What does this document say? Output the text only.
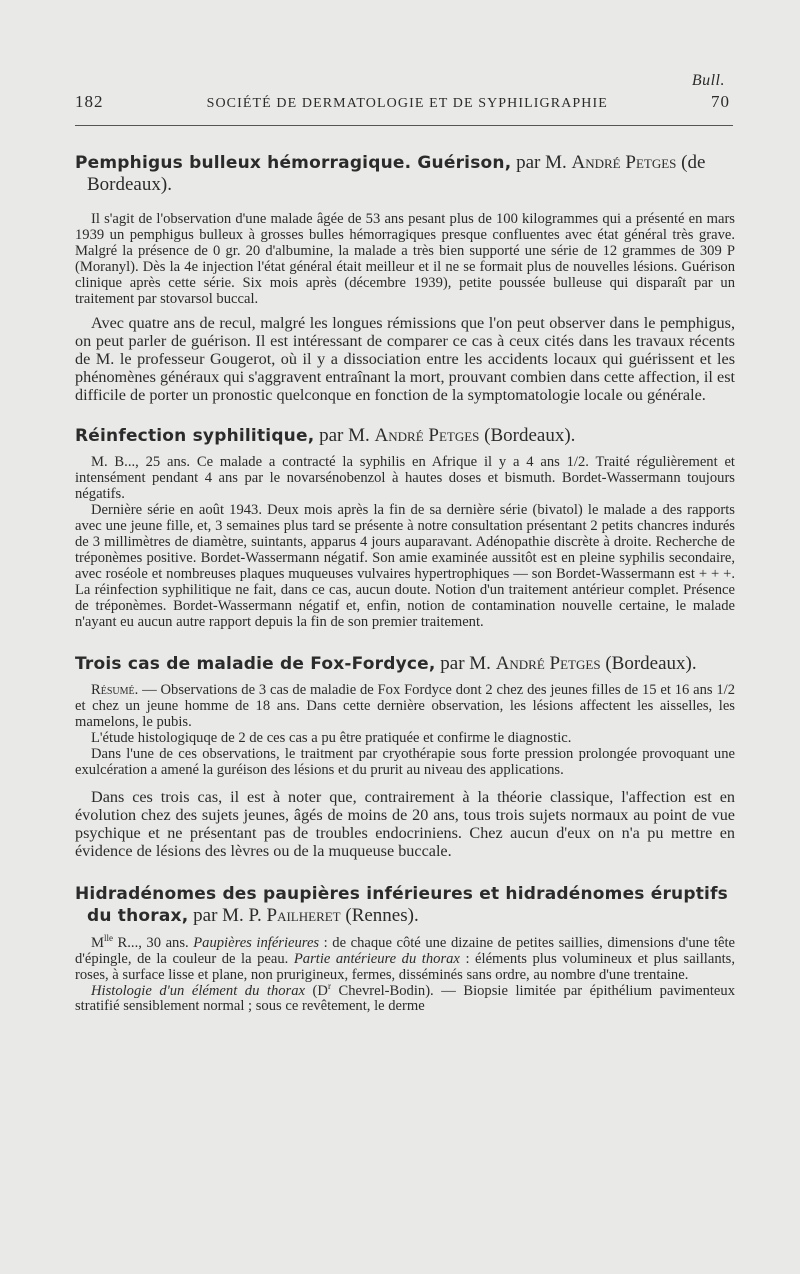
Bull.
182	SOCIÉTÉ DE DERMATOLOGIE ET DE SYPHILIGRAPHIE	70

Pemphigus bulleux hémorragique. Guérison, par M. André Petges (de Bordeaux).

Il s'agit de l'observation d'une malade âgée de 53 ans pesant plus de 100 kilogrammes qui a présenté en mars 1939 un pemphigus bulleux à grosses bulles hémorragiques presque confluentes avec état général très grave. Malgré la présence de 0 gr. 20 d'albumine, la malade a très bien supporté une série de 12 grammes de 309 P (Moranyl). Dès la 4e injection l'état général était meilleur et il ne se formait plus de nouvelles lésions. Guérison clinique après cette série. Six mois après (décembre 1939), petite poussée bulleuse qui disparaît par un traitement par stovarsol buccal.

Avec quatre ans de recul, malgré les longues rémissions que l'on peut observer dans le pemphigus, on peut parler de guérison. Il est intéressant de comparer ce cas à ceux cités dans les travaux récents de M. le professeur Gougerot, où il y a dissociation entre les accidents locaux qui guérissent et les phénomènes généraux qui s'aggravent entraînant la mort, prouvant combien dans cette affection, il est difficile de porter un pronostic quelconque en fonction de la symptomatologie locale ou générale.

Réinfection syphilitique, par M. André Petges (Bordeaux).

M. B..., 25 ans. Ce malade a contracté la syphilis en Afrique il y a 4 ans 1/2. Traité régulièrement et intensément pendant 4 ans par le novarsénobenzol à hautes doses et bismuth. Bordet-Wassermann toujours négatifs.

Dernière série en août 1943. Deux mois après la fin de sa dernière série (bivatol) le malade a des rapports avec une jeune fille, et, 3 semaines plus tard se présente à notre consultation présentant 2 petits chancres indurés de 3 millimètres de diamètre, suintants, apparus 4 jours auparavant. Adénopathie discrète à droite. Recherche de tréponèmes positive. Bordet-Wassermann négatif. Son amie examinée aussitôt est en pleine syphilis secondaire, avec roséole et nombreuses plaques muqueuses vulvaires hypertrophiques — son Bordet-Wassermann est + + +. La réinfection syphilitique ne fait, dans ce cas, aucun doute. Notion d'un traitement antérieur complet. Présence de tréponèmes. Bordet-Wassermann négatif et, enfin, notion de contamination nouvelle certaine, le malade n'ayant eu aucun autre rapport depuis la fin de son premier traitement.

Trois cas de maladie de Fox-Fordyce, par M. André Petges (Bordeaux).

Résumé. — Observations de 3 cas de maladie de Fox Fordyce dont 2 chez des jeunes filles de 15 et 16 ans 1/2 et chez un jeune homme de 18 ans. Dans cette dernière observation, les lésions affectent les aisselles, les mamelons, le pubis.

L'étude histologiquqe de 2 de ces cas a pu être pratiquée et confirme le diagnostic.

Dans l'une de ces observations, le traitment par cryothérapie sous forte pression prolongée provoquant une exulcération a amené la guréison des lésions et du prurit au niveau des applications.

Dans ces trois cas, il est à noter que, contrairement à la théorie classique, l'affection est en évolution chez des sujets jeunes, âgés de moins de 20 ans, tous trois sujets normaux au point de vue psychique et ne présentant pas de troubles endocriniens. Chez aucun d'eux on n'a pu mettre en évidence de lésions des lèvres ou de la muqueuse buccale.

Hidradénomes des paupières inférieures et hidradénomes éruptifs du thorax, par M. P. Pailheret (Rennes).

$M^{lle}$ R..., 30 ans. Paupières inférieures : de chaque côté une dizaine de petites saillies, dimensions d'une tête d'épingle, de la couleur de la peau. Partie antérieure du thorax : éléments plus volumineux et plus saillants, roses, à surface lisse et plane, non prurigineux, fermes, disséminés sans ordre, au nombre d'une trentaine.

Histologie d'un élément du thorax ($D^r$ Chevrel-Bodin). — Biopsie limitée par épithélium pavimenteux stratifié sensiblement normal ; sous ce revêtement, le derme
